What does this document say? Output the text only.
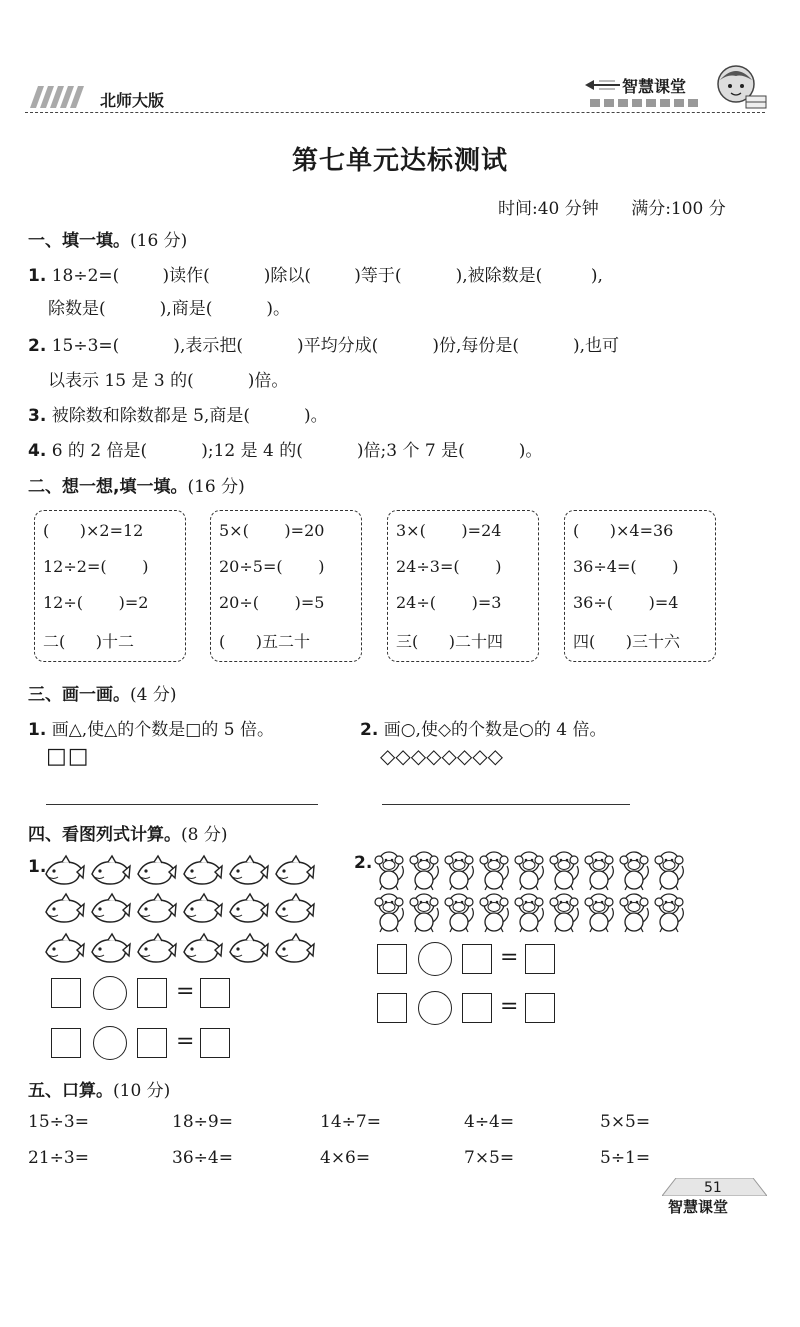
北师大版
智慧课堂
第七单元达标测试
时间:40 分钟 满分:100 分
一、填一填。(16 分)
1. 18÷2=(        )读作(          )除以(        )等于(          ),被除数是(         ),
除数是(          ),商是(          )。
2. 15÷3=(          ),表示把(          )平均分成(          )份,每份是(          ),也可
以表示 15 是 3 的(          )倍。
3. 被除数和除数都是 5,商是(          )。
4. 6 的 2 倍是(          );12 是 4 的(          )倍;3 个 7 是(          )。
二、想一想,填一填。(16 分)
(      )×2=12
12÷2=(       )
12÷(       )=2
二(      )十二
5×(       )=20
20÷5=(       )
20÷(       )=5
(      )五二十
3×(       )=24
24÷3=(       )
24÷(       )=3
三(      )二十四
(      )×4=36
36÷4=(       )
36÷(       )=4
四(      )三十六
三、画一画。(4 分)
1. 画△,使△的个数是□的 5 倍。	2. 画○,使◇的个数是○的 4 倍。
□□	◇◇◇◇◇◇◇◇
四、看图列式计算。(8 分)
1.	2.
=
=
=
=
五、口算。(10 分)
15÷3=	18÷9=	14÷7=	4÷4=	5×5=
21÷3=	36÷4=	4×6=	7×5=	5÷1=
51
智慧课堂
